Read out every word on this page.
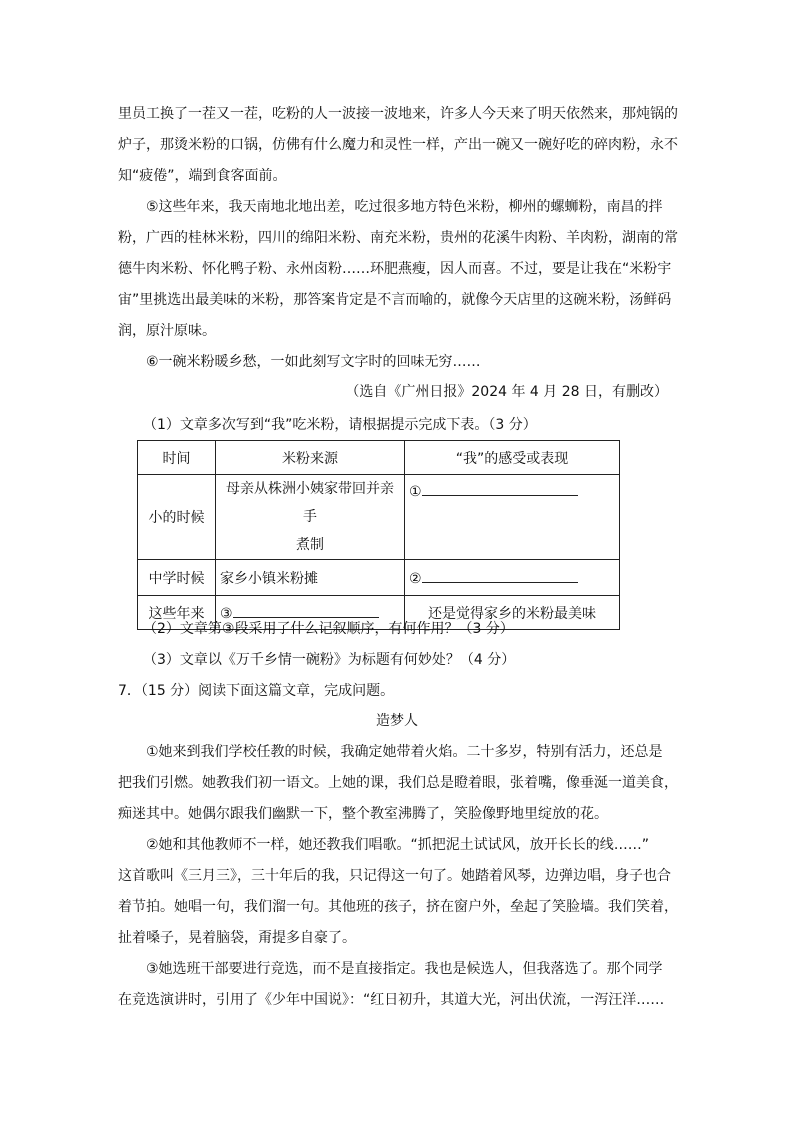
里员工换了一茬又一茬，吃粉的人一波接一波地来，许多人今天来了明天依然来，那炖锅的
炉子，那烫米粉的口锅，仿佛有什么魔力和灵性一样，产出一碗又一碗好吃的碎肉粉，永不
知“疲倦”，端到食客面前。
⑤这些年来，我天南地北地出差，吃过很多地方特色米粉，柳州的螺蛳粉，南昌的拌
粉，广西的桂林米粉，四川的绵阳米粉、南充米粉，贵州的花溪牛肉粉、羊肉粉，湖南的常
德牛肉米粉、怀化鸭子粉、永州卤粉……环肥燕瘦，因人而喜。不过，要是让我在“米粉宇
宙”里挑选出最美味的米粉，那答案肯定是不言而喻的，就像今天店里的这碗米粉，汤鲜码
润，原汁原味。
⑥一碗米粉暖乡愁，一如此刻写文字时的回味无穷……
（选自《广州日报》2024 年 4 月 28 日，有删改）
（1）文章多次写到“我”吃米粉，请根据提示完成下表。（3 分）
时间	米粉来源	“我”的感受或表现
小的时候	母亲从株洲小姨家带回并亲手
煮制	①
中学时候	家乡小镇米粉摊	②
这些年来	③	还是觉得家乡的米粉最美味
（2）文章第③段采用了什么记叙顺序，有何作用？（3 分）
（3）文章以《万千乡情一碗粉》为标题有何妙处？（4 分）
7．（15 分）阅读下面这篇文章，完成问题。
造梦人
①她来到我们学校任教的时候，我确定她带着火焰。二十多岁，特别有活力，还总是
把我们引燃。她教我们初一语文。上她的课，我们总是瞪着眼，张着嘴，像垂涎一道美食，
痴迷其中。她偶尔跟我们幽默一下，整个教室沸腾了，笑脸像野地里绽放的花。
②她和其他教师不一样，她还教我们唱歌。“抓把泥土试试风，放开长长的线……”
这首歌叫《三月三》，三十年后的我，只记得这一句了。她踏着风琴，边弹边唱，身子也合
着节拍。她唱一句，我们溜一句。其他班的孩子，挤在窗户外，垒起了笑脸墙。我们笑着，
扯着嗓子，晃着脑袋，甭提多自豪了。
③她选班干部要进行竞选，而不是直接指定。我也是候选人，但我落选了。那个同学
在竞选演讲时，引用了《少年中国说》：“红日初升，其道大光，河出伏流，一泻汪洋……
